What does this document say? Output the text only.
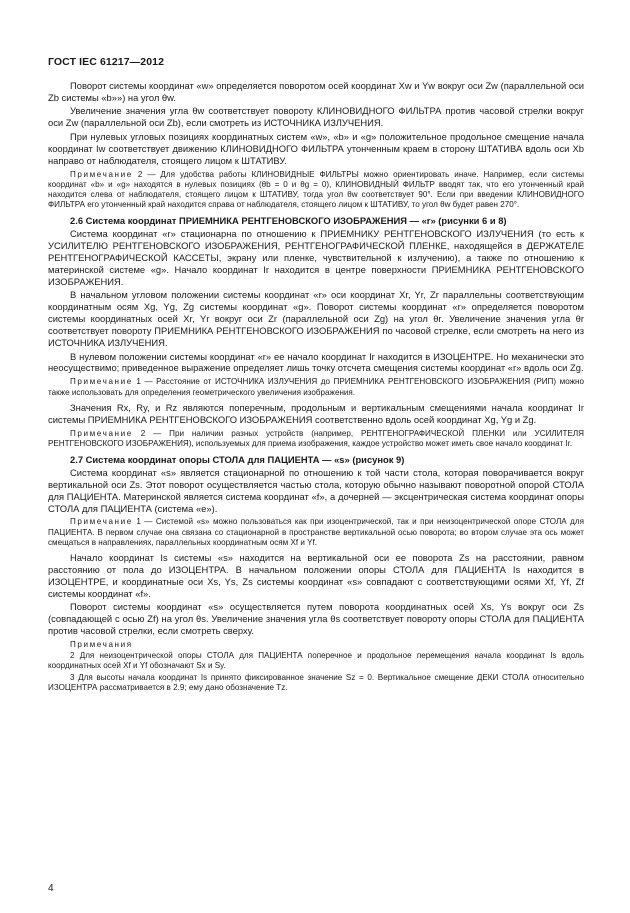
ГОСТ IEC 61217—2012

Поворот системы координат «w» определяется поворотом осей координат Xw и Yw вокруг оси Zw (параллельной оси Zb системы «b»») на угол θw.

Увеличение значения угла θw соответствует повороту КЛИНОВИДНОГО ФИЛЬТРА против часовой стрелки вокруг оси Zw (параллельной оси Zb), если смотреть из ИСТОЧНИКА ИЗЛУЧЕНИЯ.

При нулевых угловых позициях координатных систем «w», «b» и «g» положительное продольное смещение начала координат Iw соответствует движению КЛИНОВИДНОГО ФИЛЬТРА утонченным краем в сторону ШТАТИВА вдоль оси Xb направо от наблюдателя, стоящего лицом к ШТАТИВУ.

Примечание 2 — Для удобства работы КЛИНОВИДНЫЕ ФИЛЬТРЫ можно ориентировать иначе. Например, если системы координат «b» и «g» находятся в нулевых позициях (θb = 0 и θg = 0), КЛИНОВИДНЫЙ ФИЛЬТР вводят так, что его утонченный край находится слева от наблюдателя, стоящего лицом к ШТАТИВУ, тогда угол θw соответствует 90°. Если при введении КЛИНОВИДНОГО ФИЛЬТРА его утонченный край находится справа от наблюдателя, стоящего лицом к ШТАТИВУ, то угол θw будет равен 270°.

2.6 Система координат ПРИЕМНИКА РЕНТГЕНОВСКОГО ИЗОБРАЖЕНИЯ — «r» (рисунки 6 и 8)

Система координат «r» стационарна по отношению к ПРИЕМНИКУ РЕНТГЕНОВСКОГО ИЗЛУЧЕНИЯ (то есть к УСИЛИТЕЛЮ РЕНТГЕНОВСКОГО ИЗОБРАЖЕНИЯ, РЕНТГЕНОГРАФИЧЕСКОЙ ПЛЕНКЕ, находящейся в ДЕРЖАТЕЛЕ РЕНТГЕНОГРАФИЧЕСКОЙ КАССЕТЫ, экрану или пленке, чувствительной к излучению), а также по отношению к материнской системе «g». Начало координат Ir находится в центре поверхности ПРИЕМНИКА РЕНТГЕНОВСКОГО ИЗОБРАЖЕНИЯ.

В начальном угловом положении системы координат «r» оси координат Xr, Yr, Zr параллельны соответствующим координатным осям Xg, Yg, Zg системы координат «g». Поворот системы координат «r» определяется поворотом системы координатных осей Xr, Yr вокруг оси Zr (параллельной оси Zg) на угол θr. Увеличение значения угла θr соответствует повороту ПРИЕМНИКА РЕНТГЕНОВСКОГО ИЗОБРАЖЕНИЯ по часовой стрелке, если смотреть на него из ИСТОЧНИКА ИЗЛУЧЕНИЯ.

В нулевом положении системы координат «r» ее начало координат Ir находится в ИЗОЦЕНТРЕ. Но механически это неосуществимо; приведенное выражение определяет лишь точку отсчета смещения системы координат «r» вдоль оси Zg.

Примечание 1 — Расстояние от ИСТОЧНИКА ИЗЛУЧЕНИЯ до ПРИЕМНИКА РЕНТГЕНОВСКОГО ИЗОБРАЖЕНИЯ (РИП) можно также использовать для определения геометрического увеличения изображения.

Значения Rx, Ry, и Rz являются поперечным, продольным и вертикальным смещениями начала координат Ir системы ПРИЕМНИКА РЕНТГЕНОВСКОГО ИЗОБРАЖЕНИЯ соответственно вдоль осей координат Xg, Yg и Zg.

Примечание 2 — При наличии разных устройств (например, РЕНТГЕНОГРАФИЧЕСКОЙ ПЛЕНКИ или УСИЛИТЕЛЯ РЕНТГЕНОВСКОГО ИЗОБРАЖЕНИЯ), используемых для приема изображения, каждое устройство может иметь свое начало координат Ir.

2.7 Система координат опоры СТОЛА для ПАЦИЕНТА — «s» (рисунок 9)

Система координат «s» является стационарной по отношению к той части стола, которая поворачивается вокруг вертикальной оси Zs. Этот поворот осуществляется частью стола, которую обычно называют поворотной опорой СТОЛА для ПАЦИЕНТА. Материнской является система координат «f», а дочерней — эксцентрическая система координат опоры СТОЛА для ПАЦИЕНТА (система «e»).

Примечание 1 — Системой «s» можно пользоваться как при изоцентрической, так и при неизоцентрической опоре СТОЛА для ПАЦИЕНТА. В первом случае она связана со стационарной в пространстве вертикальной осью поворота; во втором случае эта ось может смещаться в направлениях, параллельных координатным осям Xf и Yf.

Начало координат Is системы «s» находится на вертикальной оси ее поворота Zs на расстоянии, равном расстоянию от пола до ИЗОЦЕНТРА. В начальном положении опоры СТОЛА для ПАЦИЕНТА Is находится в ИЗОЦЕНТРЕ, и координатные оси Xs, Ys, Zs системы координат «s» совпадают с соответствующими осями Xf, Yf, Zf системы координат «f».

Поворот системы координат «s» осуществляется путем поворота координатных осей Xs, Ys вокруг оси Zs (совпадающей с осью Zf) на угол θs. Увеличение значения угла θs соответствует повороту опоры СТОЛА для ПАЦИЕНТА против часовой стрелки, если смотреть сверху.

Примечания

2 Для неизоцентрической опоры СТОЛА для ПАЦИЕНТА поперечное и продольное перемещения начала координат Is вдоль координатных осей Xf и Yf обозначают Sx и Sy.

3 Для высоты начала координат Is принято фиксированное значение Sz = 0. Вертикальное смещение ДЕКИ СТОЛА относительно ИЗОЦЕНТРА рассматривается в 2.9; ему дано обозначение Tz.

4
